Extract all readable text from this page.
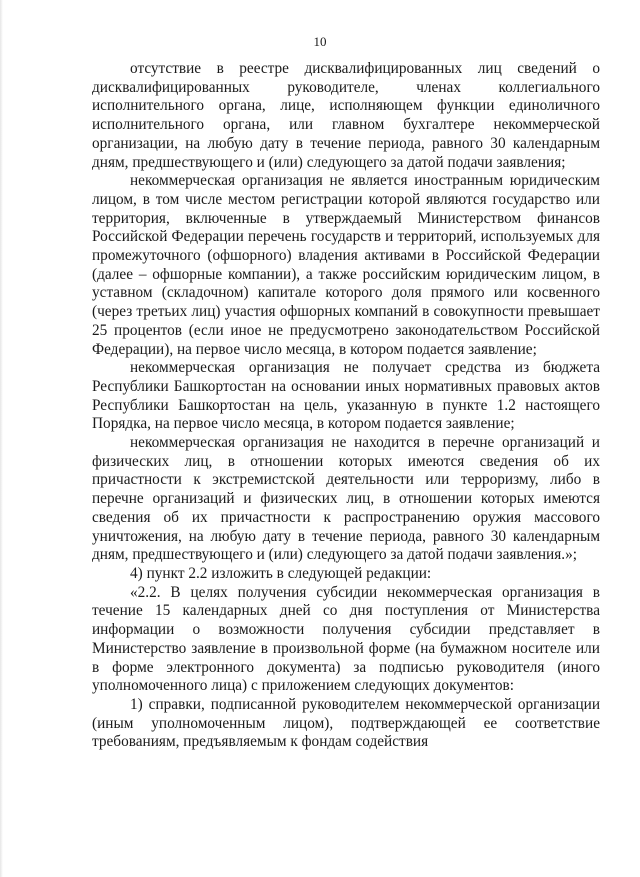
10

отсутствие в реестре дисквалифицированных лиц сведений о дисквалифицированных руководителе, членах коллегиального исполнительного органа, лице, исполняющем функции единоличного исполнительного органа, или главном бухгалтере некоммерческой организации, на любую дату в течение периода, равного 30 календарным дням, предшествующего и (или) следующего за датой подачи заявления;

некоммерческая организация не является иностранным юридическим лицом, в том числе местом регистрации которой являются государство или территория, включенные в утверждаемый Министерством финансов Российской Федерации перечень государств и территорий, используемых для промежуточного (офшорного) владения активами в Российской Федерации (далее – офшорные компании), а также российским юридическим лицом, в уставном (складочном) капитале которого доля прямого или косвенного (через третьих лиц) участия офшорных компаний в совокупности превышает 25 процентов (если иное не предусмотрено законодательством Российской Федерации), на первое число месяца, в котором подается заявление;

некоммерческая организация не получает средства из бюджета Республики Башкортостан на основании иных нормативных правовых актов Республики Башкортостан на цель, указанную в пункте 1.2 настоящего Порядка, на первое число месяца, в котором подается заявление;

некоммерческая организация не находится в перечне организаций и физических лиц, в отношении которых имеются сведения об их причастности к экстремистской деятельности или терроризму, либо в перечне организаций и физических лиц, в отношении которых имеются сведения об их причастности к распространению оружия массового уничтожения, на любую дату в течение периода, равного 30 календарным дням, предшествующего и (или) следующего за датой подачи заявления.»;

4) пункт 2.2 изложить в следующей редакции:

«2.2. В целях получения субсидии некоммерческая организация в течение 15 календарных дней со дня поступления от Министерства информации о возможности получения субсидии представляет в Министерство заявление в произвольной форме (на бумажном носителе или в форме электронного документа) за подписью руководителя (иного уполномоченного лица) с приложением следующих документов:

1) справки, подписанной руководителем некоммерческой организации (иным уполномоченным лицом), подтверждающей ее соответствие требованиям, предъявляемым к фондам содействия
